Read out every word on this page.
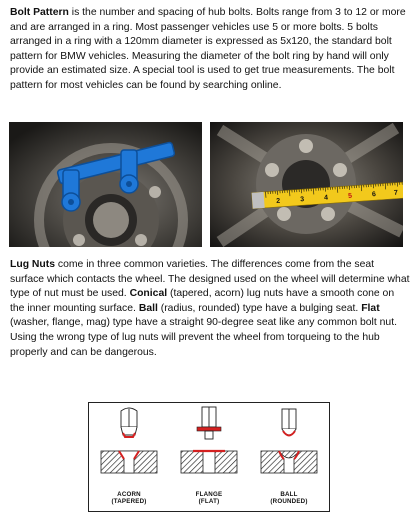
Bolt Pattern is the number and spacing of hub bolts. Bolts range from 3 to 12 or more and are arranged in a ring. Most passenger vehicles use 5 or more bolts. 5 bolts arranged in a ring with a 120mm diameter is expressed as 5x120, the standard bolt pattern for BMW vehicles. Measuring the diameter of the bolt ring by hand will only provide an estimated size. A special tool is used to get true measurements. The bolt pattern for most vehicles can be found by searching online.

2	3	4	5	6	7

Lug Nuts come in three common varieties. The differences come from the seat surface which contacts the wheel. The designed used on the wheel will determine what type of nut must be used. Conical (tapered, acorn) lug nuts have a smooth cone on the inner mounting surface. Ball (radius, rounded) type have a bulging seat. Flat (washer, flange, mag) type have a straight 90-degree seat like any common bolt nut. Using the wrong type of lug nuts will prevent the wheel from torqueing to the hub properly and can be dangerous.

ACORN
(TAPERED)
FLANGE
(FLAT)
BALL
(ROUNDED)
